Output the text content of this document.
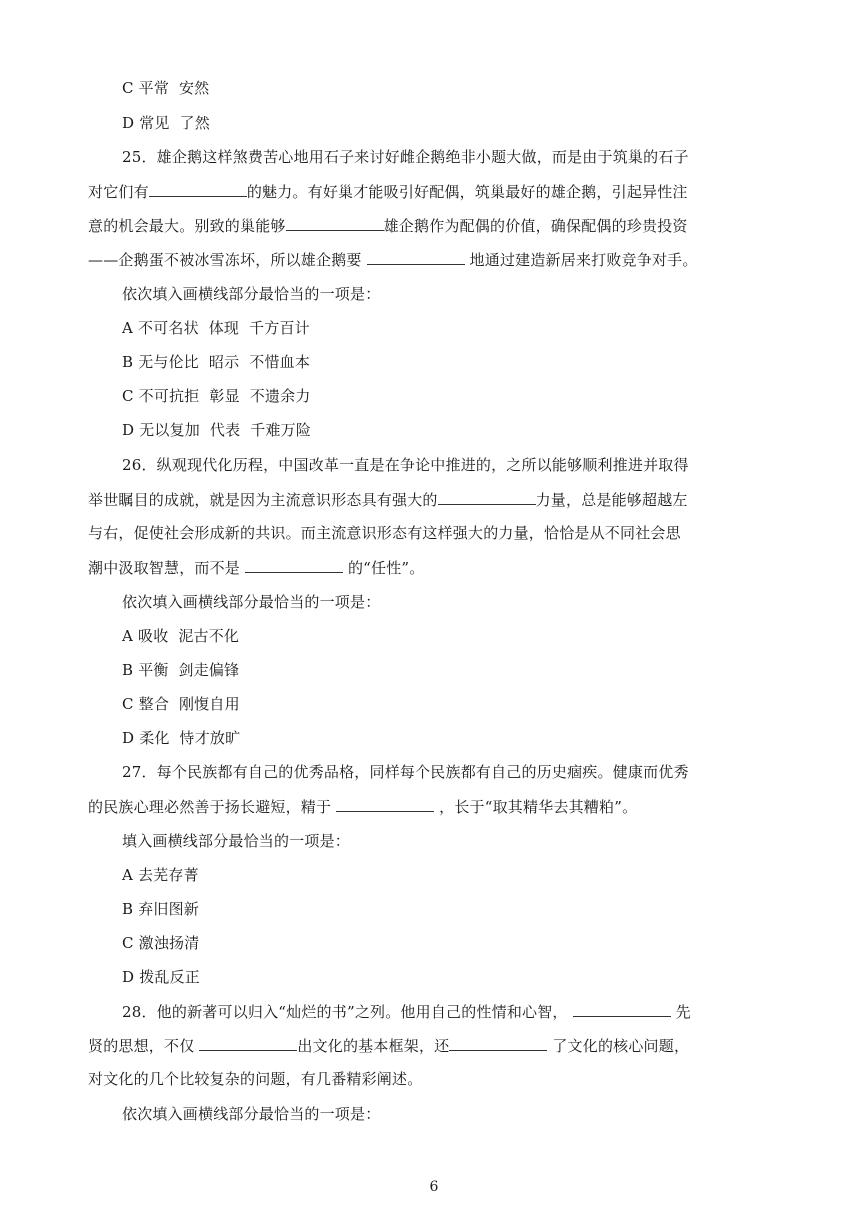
C 平常  安然
D 常见  了然
25．雄企鹅这样煞费苦心地用石子来讨好雌企鹅绝非小题大做，而是由于筑巢的石子
对它们有	的魅力。有好巢才能吸引好配偶，筑巢最好的雄企鹅，引起异性注
意的机会最大。别致的巢能够	雄企鹅作为配偶的价值，确保配偶的珍贵投资
——企鹅蛋不被冰雪冻坏，所以雄企鹅要	地通过建造新居来打败竞争对手。
依次填入画横线部分最恰当的一项是：
A 不可名状  体现  千方百计
B 无与伦比  昭示  不惜血本
C 不可抗拒  彰显  不遗余力
D 无以复加  代表  千难万险
26．纵观现代化历程，中国改革一直是在争论中推进的，之所以能够顺利推进并取得
举世瞩目的成就，就是因为主流意识形态具有强大的	力量，总是能够超越左
与右，促使社会形成新的共识。而主流意识形态有这样强大的力量，恰恰是从不同社会思
潮中汲取智慧，而不是	的“任性”。
依次填入画横线部分最恰当的一项是：
A 吸收  泥古不化
B 平衡  剑走偏锋
C 整合  刚愎自用
D 柔化  恃才放旷
27．每个民族都有自己的优秀品格，同样每个民族都有自己的历史痼疾。健康而优秀
的民族心理必然善于扬长避短，精于	，长于“取其精华去其糟粕”。
填入画横线部分最恰当的一项是：
A 去芜存菁
B 弃旧图新
C 激浊扬清
D 拨乱反正
28．他的新著可以归入“灿烂的书”之列。他用自己的性情和心智，	先
贤的思想，不仅	出文化的基本框架，还	了文化的核心问题，
对文化的几个比较复杂的问题，有几番精彩阐述。
依次填入画横线部分最恰当的一项是：
6
